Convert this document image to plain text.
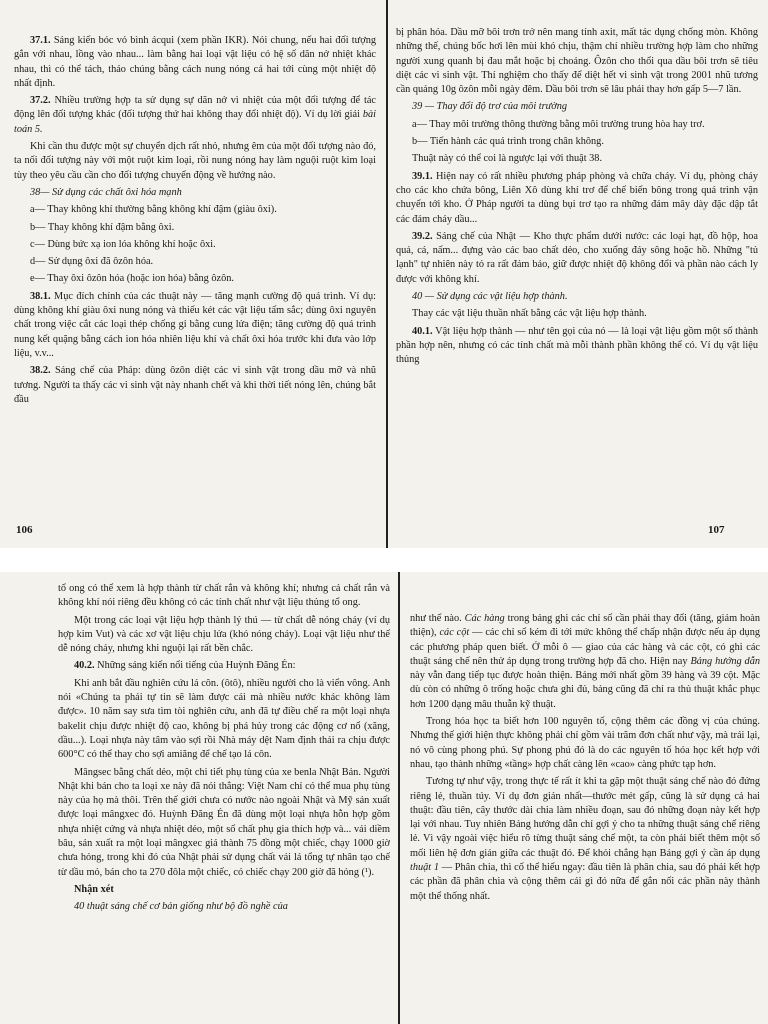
37.1. Sáng kiến bóc vỏ bình ácqui (xem phần IKR). Nói chung, nếu hai đối tượng gắn với nhau, lồng vào nhau... làm bằng hai loại vật liệu có hệ số dãn nở nhiệt khác nhau, thì có thể tách, tháo chúng bằng cách nung nóng cả hai tới cùng một nhiệt độ nhất định.

37.2. Nhiều trường hợp ta sử dụng sự dãn nở vì nhiệt của một đối tượng để tác động lên đối tượng khác (đối tượng thứ hai không thay đổi nhiệt độ). Ví dụ lời giải bài toán 5.

Khi cần thu được một sự chuyển dịch rất nhỏ, nhưng êm của một đối tượng nào đó, ta nối đối tượng này với một ruột kim loại, rồi nung nóng hay làm nguội ruột kim loại tùy theo yêu cầu cần cho đối tượng chuyển động về hướng nào.

38— Sử dụng các chất ôxi hóa mạnh

a— Thay không khí thường bằng không khí đậm (giàu ôxi).

b— Thay không khí đậm bằng ôxi.

c— Dùng bức xạ ion lóa không khí hoặc ôxi.

d— Sử dụng ôxi đã ôzôn hóa.

e— Thay ôxi ôzôn hóa (hoặc ion hóa) bằng ôzôn.

38.1. Mục đích chính của các thuật này — tăng mạnh cường độ quá trình. Ví dụ: dùng không khí giàu ôxi nung nóng và thiếu két các vật liệu tấm sắc; dùng ôxi nguyên chất trong việc cắt các loại thép chống gỉ bằng cung lửa điện; tăng cường độ quá trình nung kết quặng bằng cách ion hóa nhiên liệu khí và chất ôxi hóa trước khi đưa vào lớp liệu, v.v...

38.2. Sáng chế của Pháp: dùng ôzôn diệt các vi sinh vật trong dầu mỡ và nhũ tương. Người ta thấy các vi sinh vật này nhanh chết và khi thời tiết nóng lên, chúng bắt đầu

bị phân hóa. Dầu mỡ bôi trơn trở nên mang tính axit, mất tác dụng chống mòn. Không những thế, chúng bốc hơi lên mùi khó chịu, thậm chí nhiều trường hợp làm cho những người xung quanh bị đau mắt hoặc bị choáng. Ôzôn cho thổi qua dầu bôi trơn sẽ tiêu diệt các vi sinh vật. Thí nghiệm cho thấy để diệt hết vi sinh vật trong 2001 nhũ tương cần quảng 10g ôzôn mỗi ngày đêm. Dầu bôi trơn sẽ lâu phải thay hơn gấp 5—7 lần.

39 — Thay đổi độ trơ của môi trường

a— Thay môi trường thông thường bằng môi trường trung hòa hay trơ.

b— Tiến hành các quá trình trong chân không.

Thuật này có thể coi là ngược lại với thuật 38.

39.1. Hiện nay có rất nhiều phương pháp phòng và chữa cháy. Ví dụ, phòng cháy cho các kho chứa bông, Liên Xô dùng khí trơ để chế biến bông trong quá trình vận chuyển tới kho. Ở Pháp người ta dùng bụi trơ tạo ra những đám mây dày đặc dập tắt các đám cháy dầu...

39.2. Sáng chế của Nhật — Kho thực phẩm dưới nước: các loại hạt, đồ hộp, hoa quả, cá, nấm... đựng vào các bao chất dẻo, cho xuống đáy sông hoặc hồ. Những "tủ lạnh" tự nhiên này tỏ ra rất đảm bảo, giữ được nhiệt độ không đổi và phần nào cách ly được với không khí.

40 — Sử dụng các vật liệu hợp thành.

Thay các vật liệu thuần nhất bằng các vật liệu hợp thành.

40.1. Vật liệu hợp thành — như tên gọi của nó — là loại vật liệu gồm một số thành phần hợp nên, nhưng có các tính chất mà mỗi thành phần không thể có. Ví dụ vật liệu thủng

106	107

tổ ong có thể xem là hợp thành từ chất rắn và không khí; nhưng cả chất rắn và không khí nói riêng đều không có các tính chất như vật liệu thủng tổ ong.

Một trong các loại vật liệu hợp thành lý thú — từ chất dễ nóng chảy (ví dụ hợp kim Vut) và các xơ vật liệu chịu lửa (khó nóng chảy). Loại vật liệu như thế dễ nóng chảy, nhưng khi nguội lại rất bền chắc.

40.2. Những sáng kiến nổi tiếng của Huỳnh Đăng Én:

Khi anh bắt đầu nghiên cứu lá côn. (ôtô), nhiều người cho là viển vông. Anh nói «Chúng ta phải tự tin sẽ làm được cái mà nhiều nước khác không làm được». 10 năm say sưa tìm tòi nghiên cứu, anh đã tự điều chế ra một loại nhựa bakelit chịu được nhiệt độ cao, không bị phá hủy trong các động cơ nổ (xăng, dầu...). Loại nhựa này tâm vào sợi rồi Nhà máy dệt Nam định thải ra chịu được 600°C có thể thay cho sợi amiăng để chế tạo lá côn.

Mângsec bằng chất dẻo, một chi tiết phụ tùng của xe benla Nhật Bản. Người Nhật khi bán cho ta loại xe này đã nói thẳng: Việt Nam chỉ có thể mua phụ tùng này của họ mà thôi. Trên thế giới chưa có nước nào ngoài Nhật và Mỹ sản xuất được loại mângxec đó. Huỳnh Đăng Én đã dùng một loại nhựa hỗn hợp gồm nhựa nhiệt cứng và nhựa nhiệt dẻo, một số chất phụ gia thích hợp và... vải diềm bâu, sản xuất ra một loại mângxec giá thành 75 đồng một chiếc, chạy 1000 giờ chưa hỏng, trong khi đó của Nhật phải sử dụng chất vải lá tổng tự nhân tạo chế từ dầu mỏ, bán cho ta 270 đôla một chiếc, có chiếc chạy 200 giờ đã hỏng (¹).

Nhận xét

40 thuật sáng chế cơ bản giống như bộ đồ nghề của

như thế nào. Các hàng trong bảng ghi các chỉ số cần phải thay đổi (tăng, giảm hoàn thiện), các cột — các chỉ số kém đi tới mức không thể chấp nhận được nếu áp dụng các phương pháp quen biết. Ở mỗi ô — giao của các hàng và các cột, có ghi các thuật sáng chế nên thử áp dụng trong trường hợp đã cho. Hiện nay Bảng hướng dẫn này vẫn đang tiếp tục được hoàn thiện. Bảng mới nhất gồm 39 hàng và 39 cột. Mặc dù còn có những ô trống hoặc chưa ghi đủ, bảng cũng đã chỉ ra thủ thuật khắc phục hơn 1200 dạng mâu thuẫn kỹ thuật.

Trong hóa học ta biết hơn 100 nguyên tố, cộng thêm các đồng vị của chúng. Nhưng thế giới hiện thực không phải chỉ gồm vài trăm đơn chất như vậy, mà trái lại, nó vô cùng phong phú. Sự phong phú đó là do các nguyên tố hóa học kết hợp với nhau, tạo thành những «tầng» hợp chất càng lên «cao» càng phức tạp hơn.

Tương tự như vậy, trong thực tế rất ít khi ta gặp một thuật sáng chế nào đó đứng riêng lẻ, thuần túy. Ví dụ đơn giản nhất—thước mét gấp, cũng là sử dụng cả hai thuật: đầu tiên, cây thước dài chia làm nhiều đoạn, sau đó những đoạn này kết hợp lại với nhau. Tuy nhiên Bảng hướng dẫn chỉ gợi ý cho ta những thuật sáng chế riêng lẻ. Vì vậy ngoài việc hiểu rõ từng thuật sáng chế một, ta còn phải biết thêm một số mối liên hệ đơn giản giữa các thuật đó. Để khỏi chẳng hạn Bảng gợi ý cần áp dụng thuật 1 — Phân chia, thì cố thể hiểu ngay: đầu tiên là phân chia, sau đó phải kết hợp các phần đã phân chia và cộng thêm cái gì đó nữa để gắn nối các phần này thành một thể thống nhất.
